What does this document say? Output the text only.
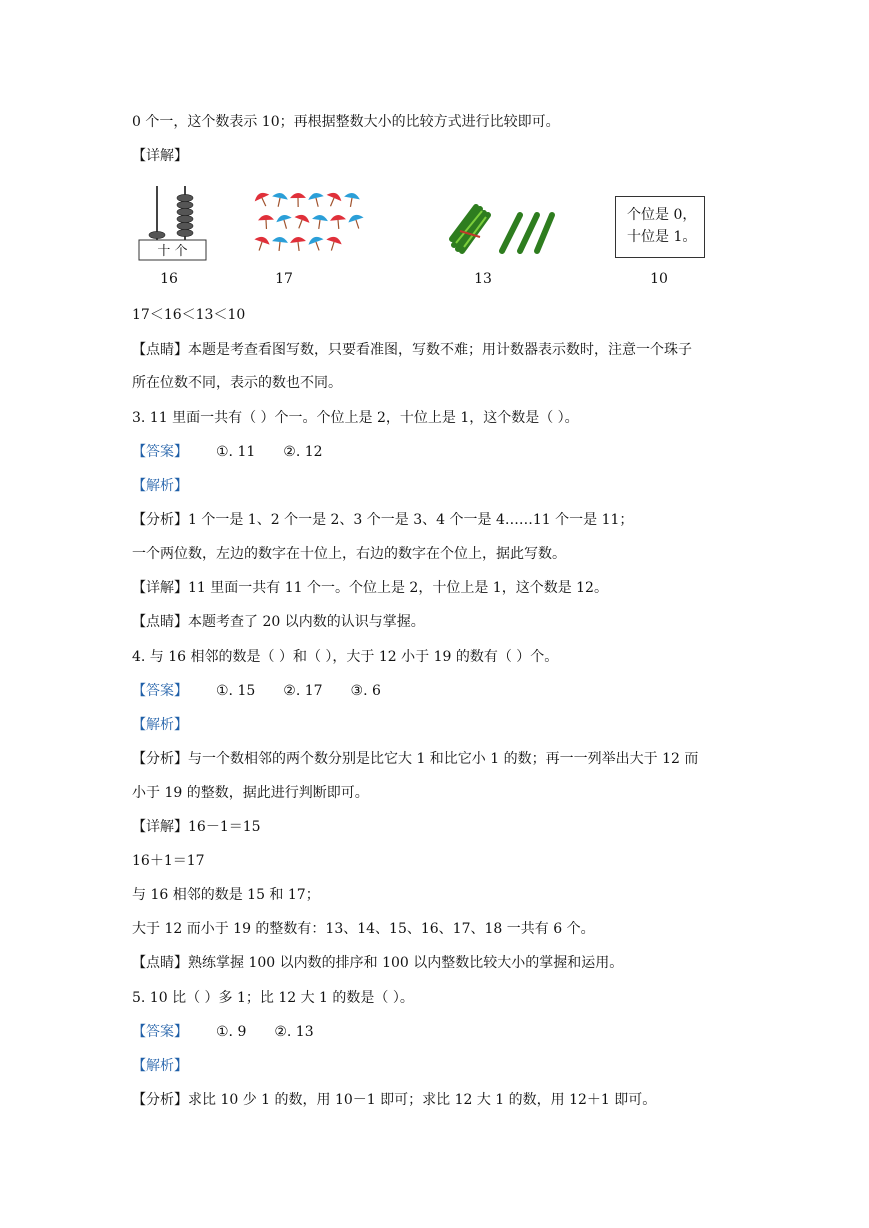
0 个一，这个数表示 10；再根据整数大小的比较方式进行比较即可。
【详解】
十 个
个位是 0，
十位是 1。
16	17	13	10
17＜16＜13＜10
【点睛】本题是考查看图写数，只要看准图，写数不难；用计数器表示数时，注意一个珠子
所在位数不同，表示的数也不同。
3. 11 里面一共有（ ）个一。个位上是 2，十位上是 1，这个数是（ ）。
【答案】 ①. 11 ②. 12
【解析】
【分析】1 个一是 1、2 个一是 2、3 个一是 3、4 个一是 4……11 个一是 11；
一个两位数，左边的数字在十位上，右边的数字在个位上，据此写数。
【详解】11 里面一共有 11 个一。个位上是 2，十位上是 1，这个数是 12。
【点睛】本题考查了 20 以内数的认识与掌握。
4. 与 16 相邻的数是（ ）和（ ），大于 12 小于 19 的数有（ ）个。
【答案】 ①. 15 ②. 17 ③. 6
【解析】
【分析】与一个数相邻的两个数分别是比它大 1 和比它小 1 的数；再一一列举出大于 12 而
小于 19 的整数，据此进行判断即可。
【详解】16－1＝15
16＋1＝17
与 16 相邻的数是 15 和 17；
大于 12 而小于 19 的整数有：13、14、15、16、17、18 一共有 6 个。
【点睛】熟练掌握 100 以内数的排序和 100 以内整数比较大小的掌握和运用。
5. 10 比（ ）多 1；比 12 大 1 的数是（ ）。
【答案】 ①. 9 ②. 13
【解析】
【分析】求比 10 少 1 的数，用 10－1 即可；求比 12 大 1 的数，用 12＋1 即可。
